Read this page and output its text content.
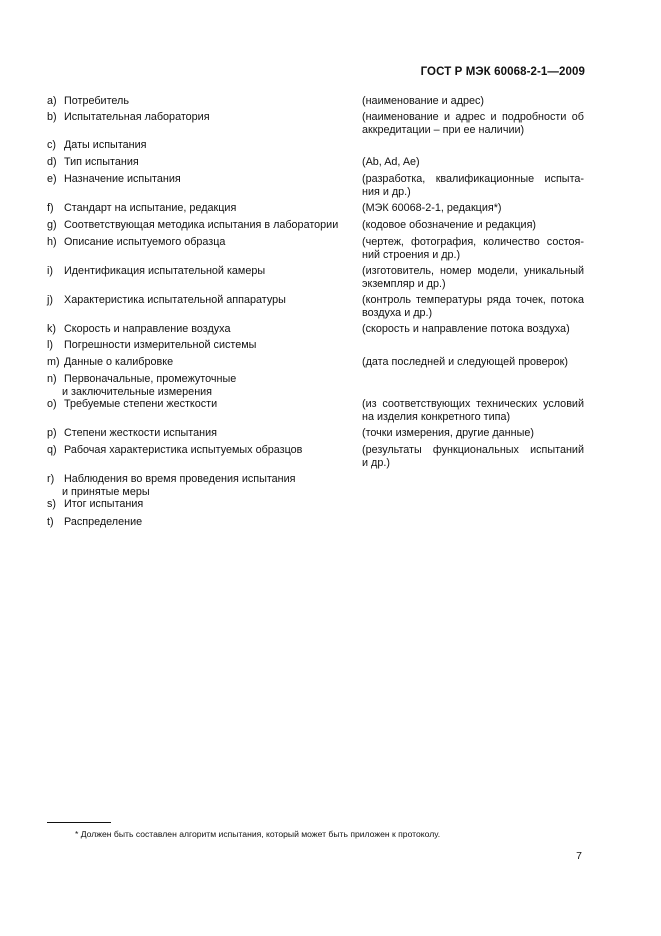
ГОСТ Р МЭК 60068-2-1—2009
a) Потребитель	(наименование и адрес)
b) Испытательная лаборатория	(наименование и адрес и подробности об
аккредитации – при ее наличии)
c) Даты испытания
d) Тип испытания	(Ab, Ad, Ae)
e) Назначение испытания	(разработка, квалификационные испыта-
ния и др.)
f) Стандарт на испытание, редакция	(МЭК 60068-2-1, редакция*)
g) Соответствующая методика испытания в лаборатории	(кодовое обозначение и редакция)
h) Описание испытуемого образца	(чертеж, фотография, количество состоя-
ний строения и др.)
i) Идентификация испытательной камеры	(изготовитель, номер модели, уникальный
экземпляр и др.)
j) Характеристика испытательной аппаратуры	(контроль температуры ряда точек, потока
воздуха и др.)
k) Скорость и направление воздуха	(скорость и направление потока воздуха)
l) Погрешности измерительной системы
m) Данные о калибровке	(дата последней и следующей проверок)
n) Первоначальные, промежуточные
и заключительные измерения
o) Требуемые степени жесткости	(из соответствующих технических условий
на изделия конкретного типа)
p) Степени жесткости испытания	(точки измерения, другие данные)
q) Рабочая характеристика испытуемых образцов	(результаты функциональных испытаний
и др.)
r) Наблюдения во время проведения испытания
и принятые меры
s) Итог испытания
t) Распределение
* Должен быть составлен алгоритм испытания, который может быть приложен к протоколу.
7
